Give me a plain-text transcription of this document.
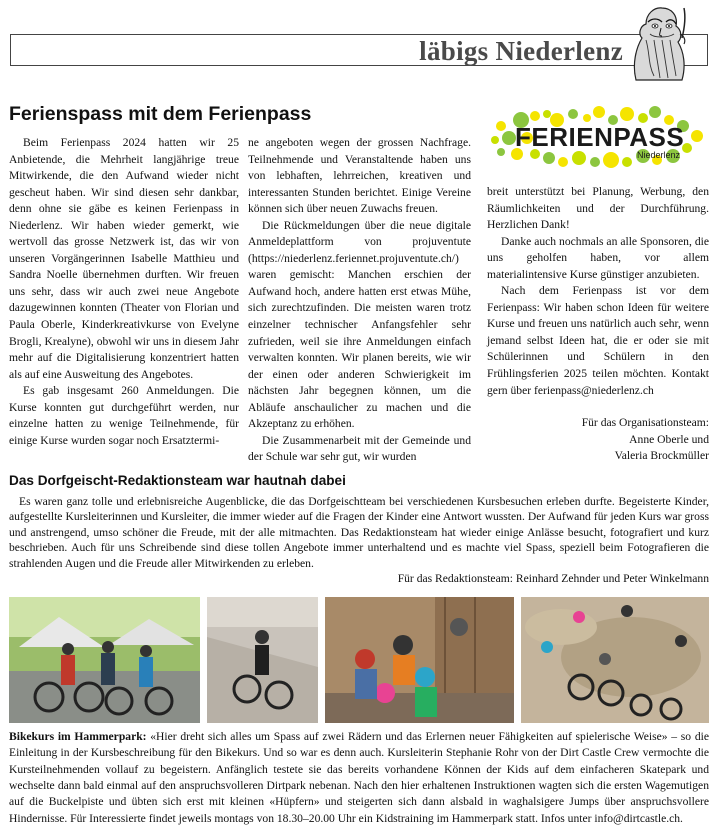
läbigs Niederlenz
Ferienspass mit dem Ferienpass
FERIENPASS
Niederlenz

Beim Ferienpass 2024 hatten wir 25 Anbietende, die Mehrheit langjährige treue Mitwirkende, die den Aufwand wieder nicht gescheut haben. Wir sind diesen sehr dankbar, denn ohne sie gäbe es keinen Ferienpass in Niederlenz. Wir haben wieder gemerkt, wie wertvoll das grosse Netzwerk ist, das wir von unseren Vorgängerinnen Isabelle Matthieu und Sandra Noelle übernehmen durften. Wir freuen uns sehr, dass wir auch zwei neue Angebote dazugewinnen konnten (Theater von Florian und Paula Oberle, Kinderkreativkurse von Evelyne Brogli, Krealyne), obwohl wir uns in diesem Jahr mehr auf die Digitalisierung konzentriert hatten als auf eine Ausweitung des Angebotes.

Es gab insgesamt 260 Anmeldungen. Die Kurse konnten gut durchgeführt werden, nur einzelne hatten zu wenige Teilnehmende, für einige Kurse wurden sogar noch Ersatztermi-

ne angeboten wegen der grossen Nachfrage. Teilnehmende und Veranstaltende haben uns von lebhaften, lehrreichen, kreativen und interessanten Stunden berichtet. Einige Vereine können sich über neuen Zuwachs freuen.

Die Rückmeldungen über die neue digitale Anmeldeplattform von projuventute (https://niederlenz.feriennet.projuventute.ch/) waren gemischt: Manchen erschien der Aufwand hoch, andere hatten erst etwas Mühe, sich zurechtzufinden. Die meisten waren trotz einzelner technischer Anfangsfehler sehr zufrieden, weil sie ihre Anmeldungen einfach verwalten konnten. Wir planen bereits, wie wir der einen oder anderen Schwierigkeit im nächsten Jahr begegnen können, um die Abläufe anschaulicher zu machen und die Akzeptanz zu erhöhen.

Die Zusammenarbeit mit der Gemeinde und der Schule war sehr gut, wir wurden

breit unterstützt bei Planung, Werbung, den Räumlichkeiten und der Durchführung. Herzlichen Dank!

Danke auch nochmals an alle Sponsoren, die uns geholfen haben, vor allem materialintensive Kurse günstiger anzubieten.

Nach dem Ferienpass ist vor dem Ferienpass: Wir haben schon Ideen für weitere Kurse und freuen uns natürlich auch sehr, wenn jemand selbst Ideen hat, die er oder sie mit Schülerinnen und Schülern in den Frühlingsferien 2025 teilen möchten. Kontakt gern über ferienpass@niederlenz.ch

Für das Organisationsteam:
Anne Oberle und
Valeria Brockmüller
Das Dorfgeischt-Redaktionsteam war hautnah dabei

Es waren ganz tolle und erlebnisreiche Augenblicke, die das Dorfgeischtteam bei verschiedenen Kursbesuchen erleben durfte. Begeisterte Kinder, aufgestellte Kursleiterinnen und Kursleiter, die immer wieder auf die Fragen der Kinder eine Antwort wussten. Der Aufwand für jeden Kurs war gross und anstrengend, umso schöner die Freude, mit der alle mitmachten. Das Redaktionsteam hat wieder einige Anlässe besucht, fotografiert und kurz beschrieben. Auch für uns Schreibende sind diese tollen Angebote immer unterhaltend und es machte viel Spass, speziell beim Fotografieren die strahlenden Augen und die Freude aller Mitwirkenden zu erleben.

Für das Redaktionsteam: Reinhard Zehnder und Peter Winkelmann

Bikekurs im Hammerpark: «Hier dreht sich alles um Spass auf zwei Rädern und das Erlernen neuer Fähigkeiten auf spielerische Weise» – so die Einleitung in der Kursbeschreibung für den Bikekurs. Und so war es denn auch. Kursleiterin Stephanie Rohr von der Dirt Castle Crew vermochte die Kursteilnehmenden vollauf zu begeistern. Anfänglich testete sie das bereits vorhandene Können der Kids auf dem einfacheren Skatepark und wechselte dann bald einmal auf den anspruchsvolleren Dirtpark nebenan. Nach den hier erhaltenen Instruktionen wagten sich die ersten Wagemutigen auf die Buckelpiste und übten sich erst mit kleinen «Hüpfern» und steigerten sich dann alsbald in waghalsigere Jumps über anspruchsvollere Hindernisse. Für Interessierte findet jeweils montags von 18.30–20.00 Uhr ein Kidstraining im Hammerpark statt. Infos unter info@dirtcastle.ch.
